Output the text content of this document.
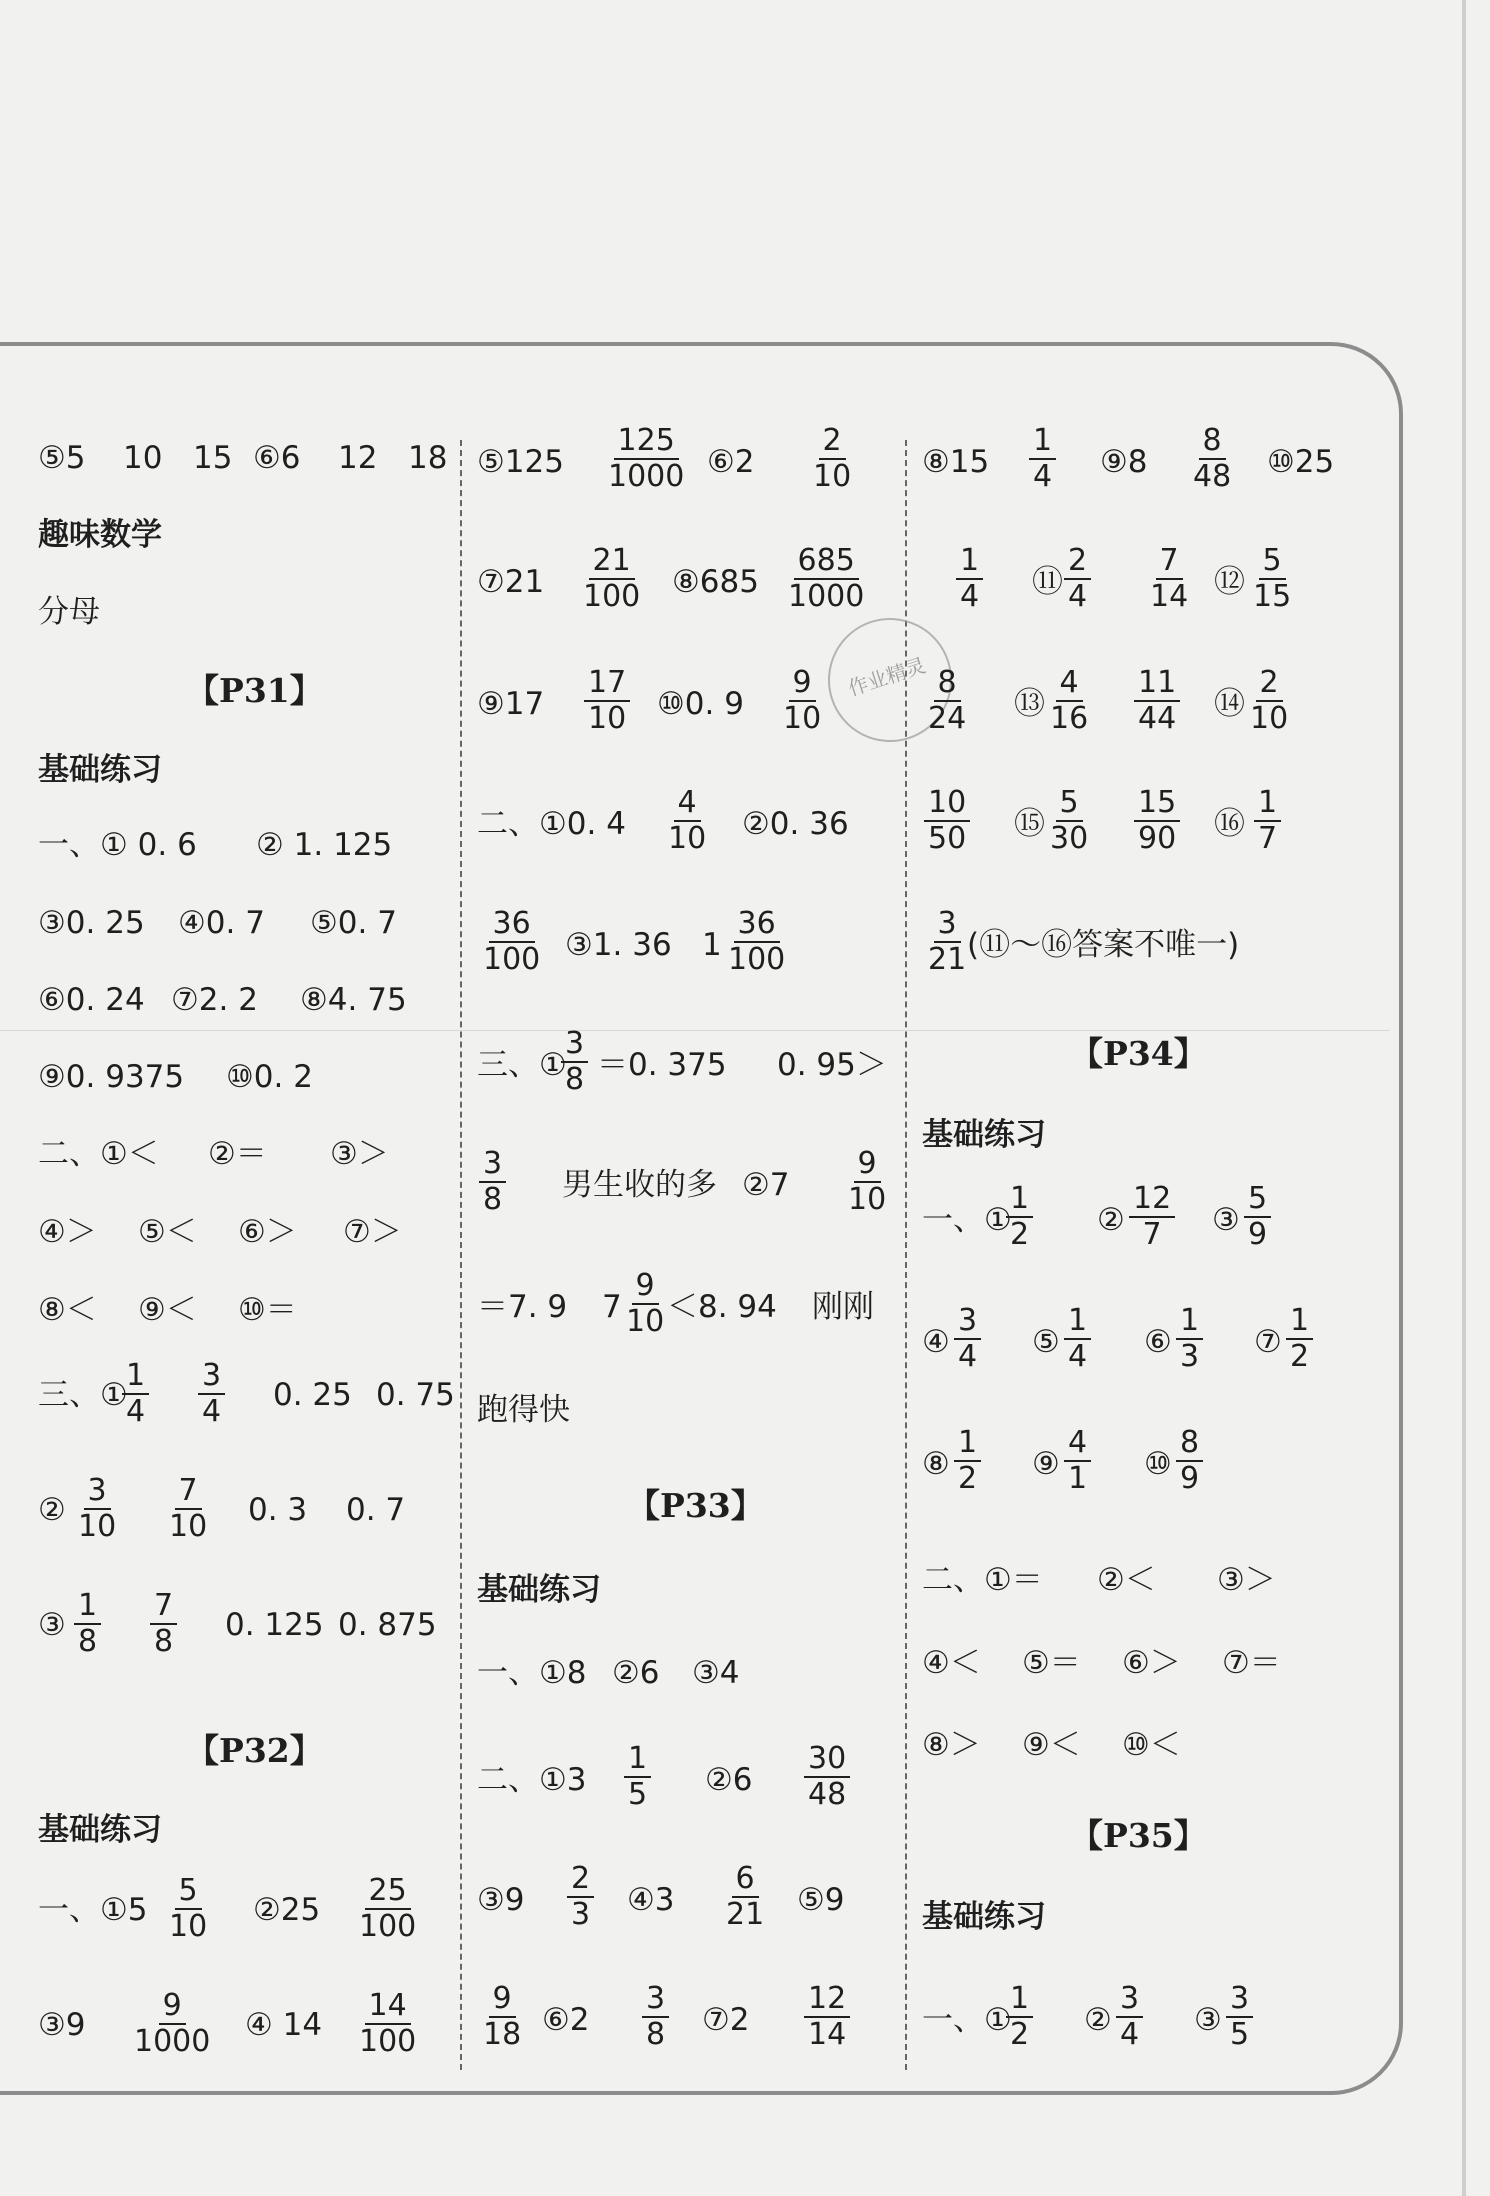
作业精灵
⑤5 10 15 ⑥6 12 18
趣味数学
分母
【P31】
基础练习
一、① 0. 6 ② 1. 125
③0. 25 ④0. 7 ⑤0. 7
⑥0. 24 ⑦2. 2 ⑧4. 75
⑨0. 9375 ⑩0. 2
二、①＜ ②＝ ③＞
④＞ ⑤＜ ⑥＞ ⑦＞
⑧＜ ⑨＜ ⑩＝
三、①
$\frac{1}{4} \frac{3}{4} 0$. 25 0. 75
② $\frac{3}{10} \frac{7}{10} 0$. 3 0. 7
③ $\frac{1}{8} \frac{7}{8} 0$. 125 0. 875
【P32】
基础练习
一、①5 $\frac{5}{10}$ ②25 $\frac{25}{100}$
③9 $\frac{9}{1000}$ ④ $14 \frac{14}{100}$
⑤125 $\frac{125}{1000}$ ⑥2 $\frac{2}{10}$
⑦21 $\frac{21}{100}$ ⑧685 $\frac{685}{1000}$
⑨17 $\frac{17}{10}$ ⑩0. $9 \frac{9}{10}$
二、①0. $4 \frac{4}{10}$ ②0. 36
$\frac{36}{100}$ ③1. 36 $1 \frac{36}{100}$
三、①
$\frac{3}{8} =0$. 375 0. 95＞
$\frac{3}{8}$ 男生收的多 ②7 $\frac{9}{10}$
＝7. 9 $7 \frac{9}{10}$
＜8. 94 刚刚
跑得快
【P33】
基础练习
一、①8 ②6 ③4
二、①3 $\frac{1}{5}$ ②6 $\frac{30}{48}$
③9 $\frac{2}{3}$ ④3 $\frac{6}{21}$ ⑤9
$\frac{9}{18}$ ⑥2 $\frac{3}{8}$ ⑦2 $\frac{12}{14}$
⑧15 $\frac{1}{4}$ ⑨8 $\frac{8}{48}$ ⑩25
$\frac{1}{4}$ ⑪ $\frac{2}{4} \frac{7}{14}$ ⑫ $\frac{5}{15}$
$\frac{8}{24}$ ⑬ $\frac{4}{16} \frac{11}{44}$ ⑭ $\frac{2}{10}$
$\frac{10}{50}$ ⑮ $\frac{5}{30} \frac{15}{90}$ ⑯ $\frac{1}{7}$
$\frac{3}{21}$
(⑪～⑯答案不唯一)
【P34】
基础练习
一、①
$\frac{1}{2}$ ② $\frac{12}{7}$ ③ $\frac{5}{9}$
④ $\frac{3}{4}$ ⑤ $\frac{1}{4}$ ⑥ $\frac{1}{3}$ ⑦ $\frac{1}{2}$
⑧ $\frac{1}{2}$ ⑨ $\frac{4}{1}$ ⑩ $\frac{8}{9}$
二、①＝ ②＜ ③＞
④＜ ⑤＝ ⑥＞ ⑦＝
⑧＞ ⑨＜ ⑩＜
【P35】
基础练习
一、①
$\frac{1}{2}$ ② $\frac{3}{4}$ ③ $\frac{3}{5}$
